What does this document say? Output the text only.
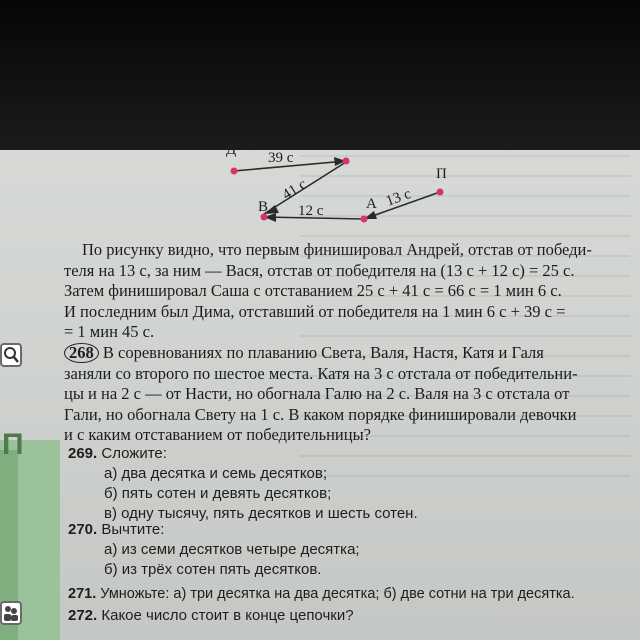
П
Д
В	А
П
39 с
41 с
12 с
13 с
По рисунку видно, что первым финишировал Андрей, отстав от победи-
теля на 13 с, за ним — Вася, отстав от победителя на (13 с + 12 с) = 25 с.
Затем финишировал Саша с отставанием 25 с + 41 с = 66 с = 1 мин 6 с.
И последним был Дима, отставший от победителя на 1 мин 6 с + 39 с =
= 1 мин 45 с.
268 В соревнованиях по плаванию Света, Валя, Настя, Катя и Галя
заняли со второго по шестое места. Катя на 3 с отстала от победительни-
цы и на 2 с — от Насти, но обогнала Галю на 2 с. Валя на 3 с отстала от
Гали, но обогнала Свету на 1 с. В каком порядке финишировали девочки
и с каким отставанием от победительницы?
269. Сложите:
а) два десятка и семь десятков;
б) пять сотен и девять десятков;
в) одну тысячу, пять десятков и шесть сотен.
270. Вычтите:
а) из семи десятков четыре десятка;
б) из трёх сотен пять десятков.
271. Умножьте: а) три десятка на два десятка; б) две сотни на три десятка.
272. Какое число стоит в конце цепочки?
